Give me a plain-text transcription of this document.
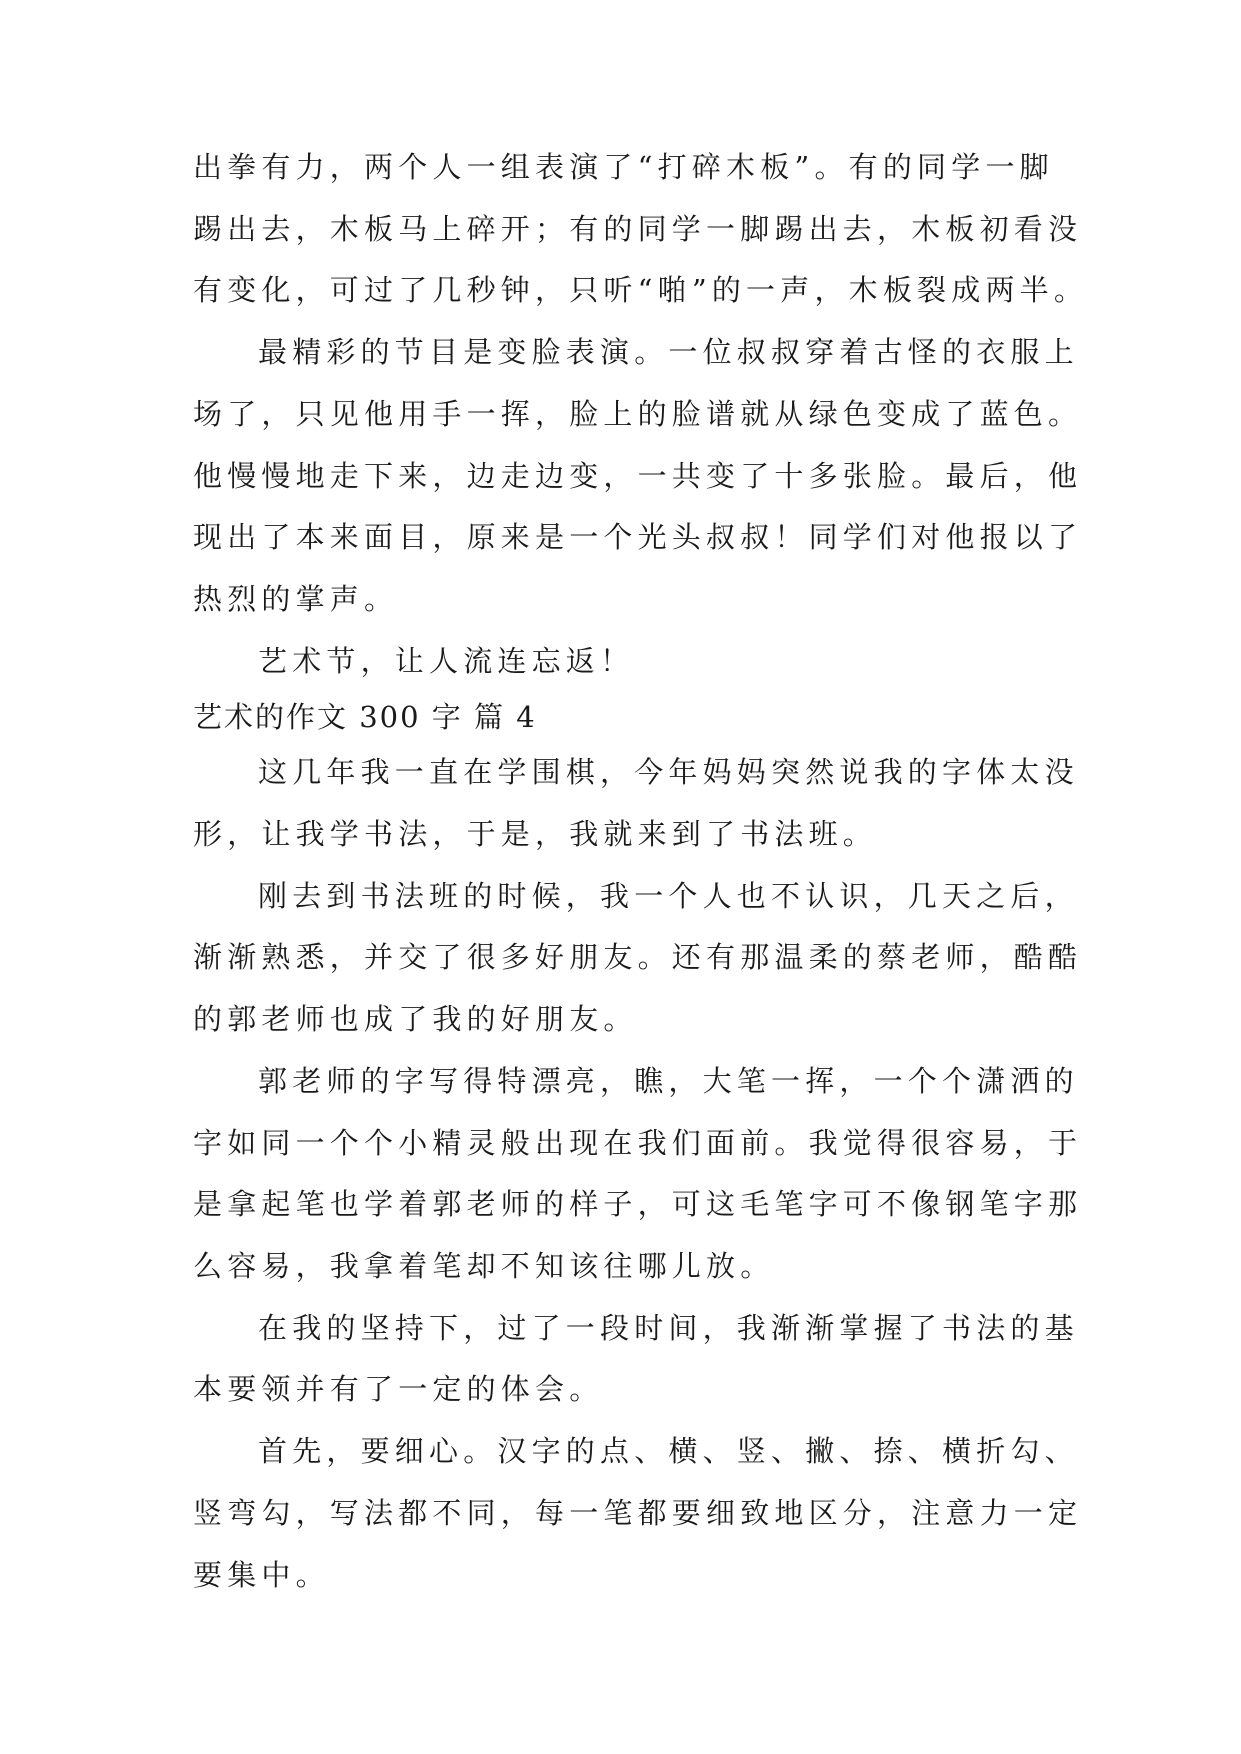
出拳有力，两个人一组表演了“打碎木板”。有的同学一脚
踢出去，木板马上碎开；有的同学一脚踢出去，木板初看没
有变化，可过了几秒钟，只听“啪”的一声，木板裂成两半。
最精彩的节目是变脸表演。一位叔叔穿着古怪的衣服上
场了，只见他用手一挥，脸上的脸谱就从绿色变成了蓝色。
他慢慢地走下来，边走边变，一共变了十多张脸。最后，他
现出了本来面目，原来是一个光头叔叔！同学们对他报以了
热烈的掌声。
艺术节，让人流连忘返！
艺术的作文 300 字 篇 4
这几年我一直在学围棋，今年妈妈突然说我的字体太没
形，让我学书法，于是，我就来到了书法班。
刚去到书法班的时候，我一个人也不认识，几天之后，
渐渐熟悉，并交了很多好朋友。还有那温柔的蔡老师，酷酷
的郭老师也成了我的好朋友。
郭老师的字写得特漂亮，瞧，大笔一挥，一个个潇洒的
字如同一个个小精灵般出现在我们面前。我觉得很容易，于
是拿起笔也学着郭老师的样子，可这毛笔字可不像钢笔字那
么容易，我拿着笔却不知该往哪儿放。
在我的坚持下，过了一段时间，我渐渐掌握了书法的基
本要领并有了一定的体会。
首先，要细心。汉字的点、横、竖、撇、捺、横折勾、
竖弯勾，写法都不同，每一笔都要细致地区分，注意力一定
要集中。
